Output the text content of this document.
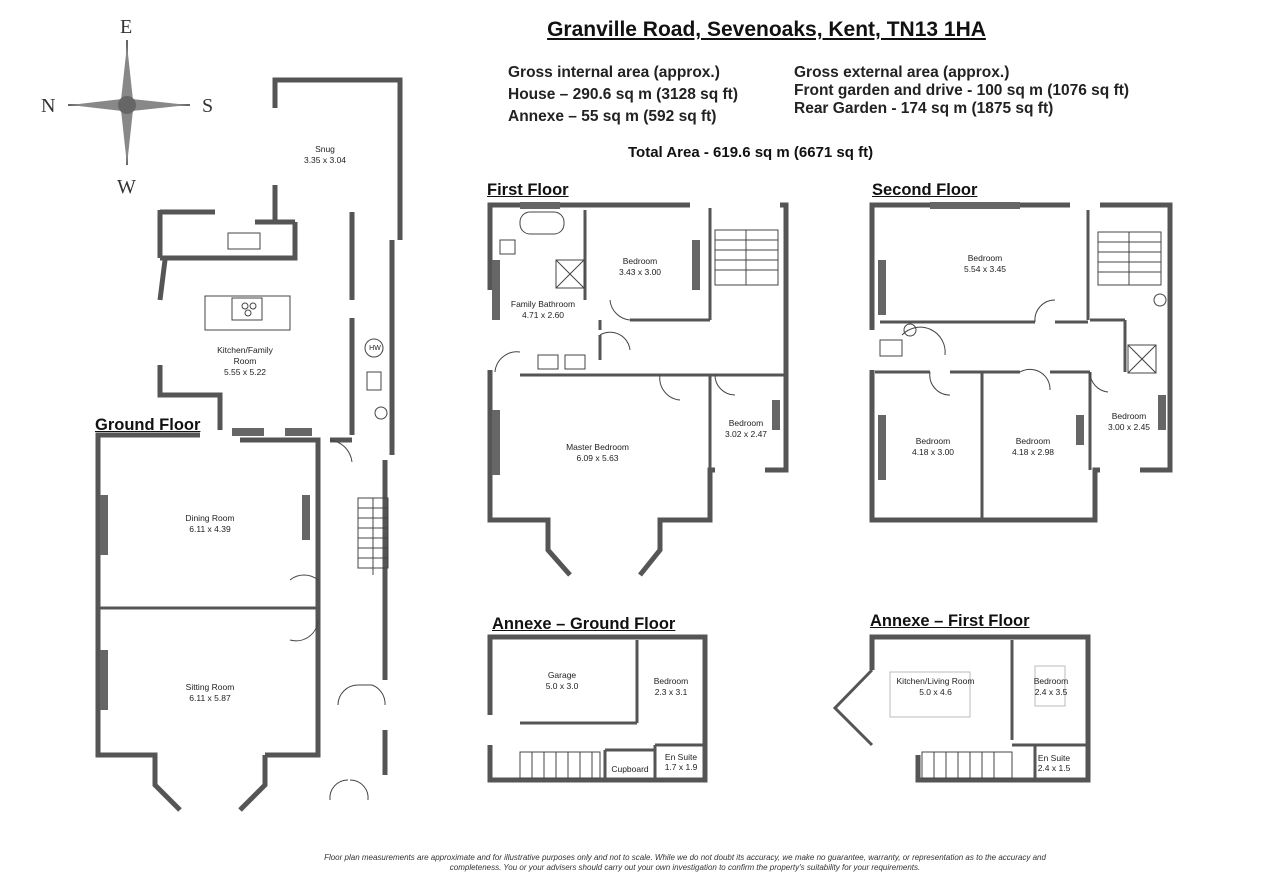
Granville Road, Sevenoaks, Kent, TN13 1HA
Gross internal area (approx.)
House – 290.6 sq m (3128 sq ft)
Annexe – 55 sq m (592 sq ft)
Gross external area (approx.)
Front garden and drive - 100 sq m (1076 sq ft)
Rear Garden - 174 sq m (1875 sq ft)
Total Area - 619.6 sq m (6671 sq ft)
E
N	S
W
Ground Floor
First Floor	Second Floor
Annexe – Ground Floor	Annexe – First Floor
Snug
3.35 x 3.04
Kitchen/Family
Room
5.55 x 5.22
HW
Dining Room
6.11 x 4.39
Sitting Room
6.11 x 5.87
Bedroom
3.43 x 3.00
Family Bathroom
4.71 x 2.60
Master Bedroom
6.09 x 5.63
Bedroom
3.02 x 2.47
Bedroom
5.54 x 3.45
Bedroom
4.18 x 3.00
Bedroom
4.18 x 2.98
Bedroom
3.00 x 2.45
Garage
5.0 x 3.0	Bedroom
2.3 x 3.1
Cupboard
En Suite
1.7 x 1.9
Kitchen/Living Room
5.0 x 4.6
Bedroom
2.4 x 3.5
En Suite
2.4 x 1.5
Floor plan measurements are approximate and for illustrative purposes only and not to scale. While we do not doubt its accuracy, we make no guarantee, warranty, or representation as to the accuracy and
completeness. You or your advisers should carry out your own investigation to confirm the property's suitability for your requirements.
